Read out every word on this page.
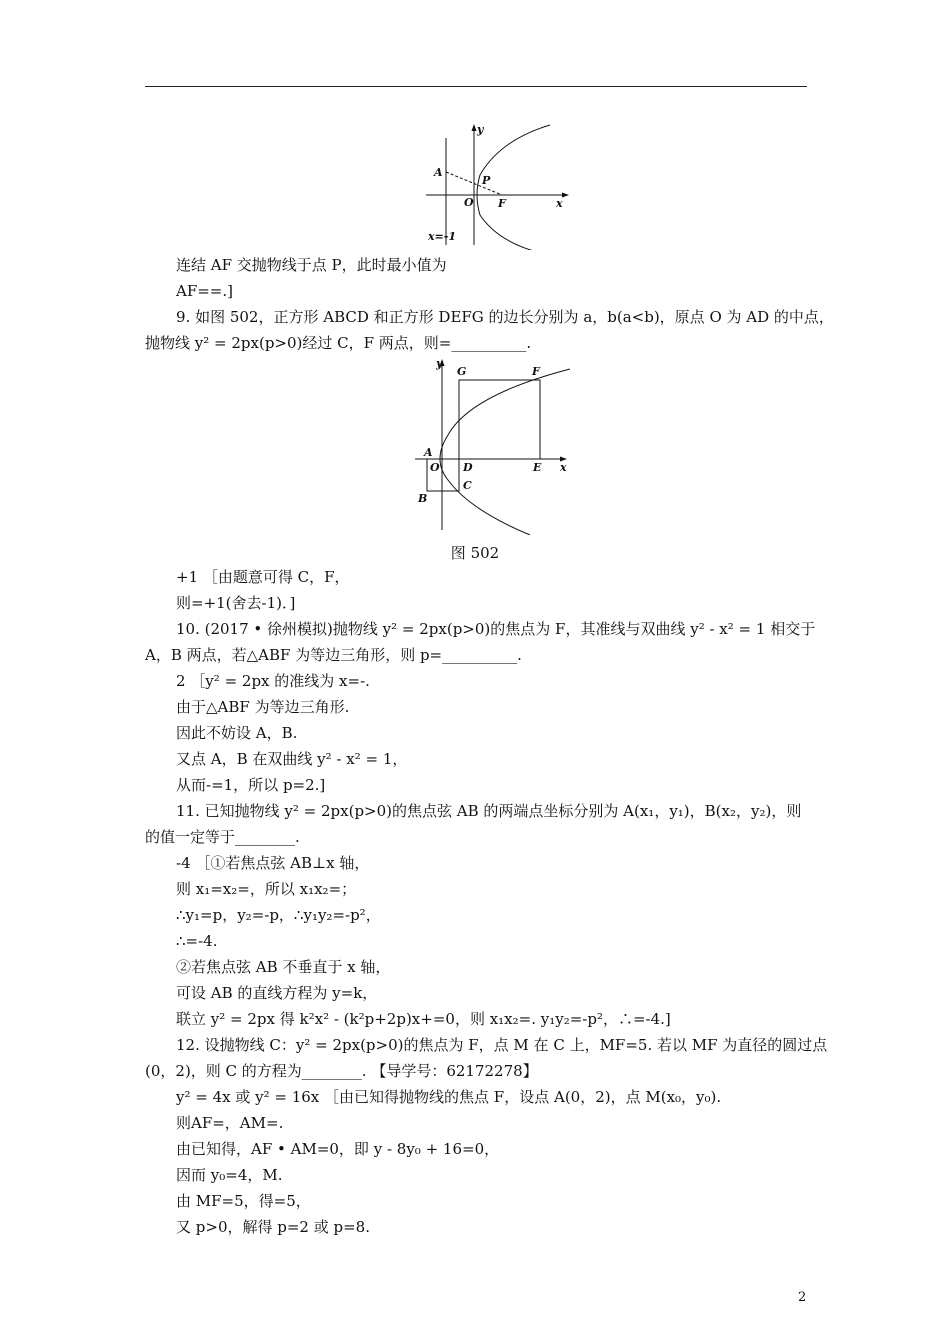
y
x
A
P
O F
x=-1
y
x
G	F
A
O D	E
B
C
图 502
连结 AF 交抛物线于点 P，此时最小值为
AF==.]
9. 如图 502，正方形 ABCD 和正方形 DEFG 的边长分别为 a，b(a<b)，原点 O 为 AD 的中点，
抛物线 y² = 2px(p>0)经过 C，F 两点，则=__________.
+1 ［由题意可得 C，F，
则=+1(舍去-1)．]
10. (2017 • 徐州模拟)抛物线 y² = 2px(p>0)的焦点为 F，其准线与双曲线 y² - x² = 1 相交于
A，B 两点，若△ABF 为等边三角形，则 p=__________.
2 ［y² = 2px 的准线为 x=-.
由于△ABF 为等边三角形.
因此不妨设 A，B.
又点 A，B 在双曲线 y² - x² = 1，
从而-=1，所以 p=2.]
11. 已知抛物线 y² = 2px(p>0)的焦点弦 AB 的两端点坐标分别为 A(x₁，y₁)，B(x₂，y₂)，则
的值一定等于________.
-4 ［①若焦点弦 AB⊥x 轴，
则 x₁=x₂=，所以 x₁x₂=；
∴y₁=p，y₂=-p，∴y₁y₂=-p²，
∴=-4.
②若焦点弦 AB 不垂直于 x 轴，
可设 AB 的直线方程为 y=k，
联立 y² = 2px 得 k²x² - (k²p+2p)x+=0，则 x₁x₂=. y₁y₂=-p²，∴=-4.]
12. 设抛物线 C：y² = 2px(p>0)的焦点为 F，点 M 在 C 上，MF=5. 若以 MF 为直径的圆过点
(0，2)，则 C 的方程为________. 【导学号：62172278】
y² = 4x 或 y² = 16x ［由已知得抛物线的焦点 F，设点 A(0，2)，点 M(x₀，y₀).
则AF=，AM=.
由已知得，AF • AM=0，即 y - 8y₀ + 16=0，
因而 y₀=4，M.
由 MF=5，得=5，
又 p>0，解得 p=2 或 p=8.
2
